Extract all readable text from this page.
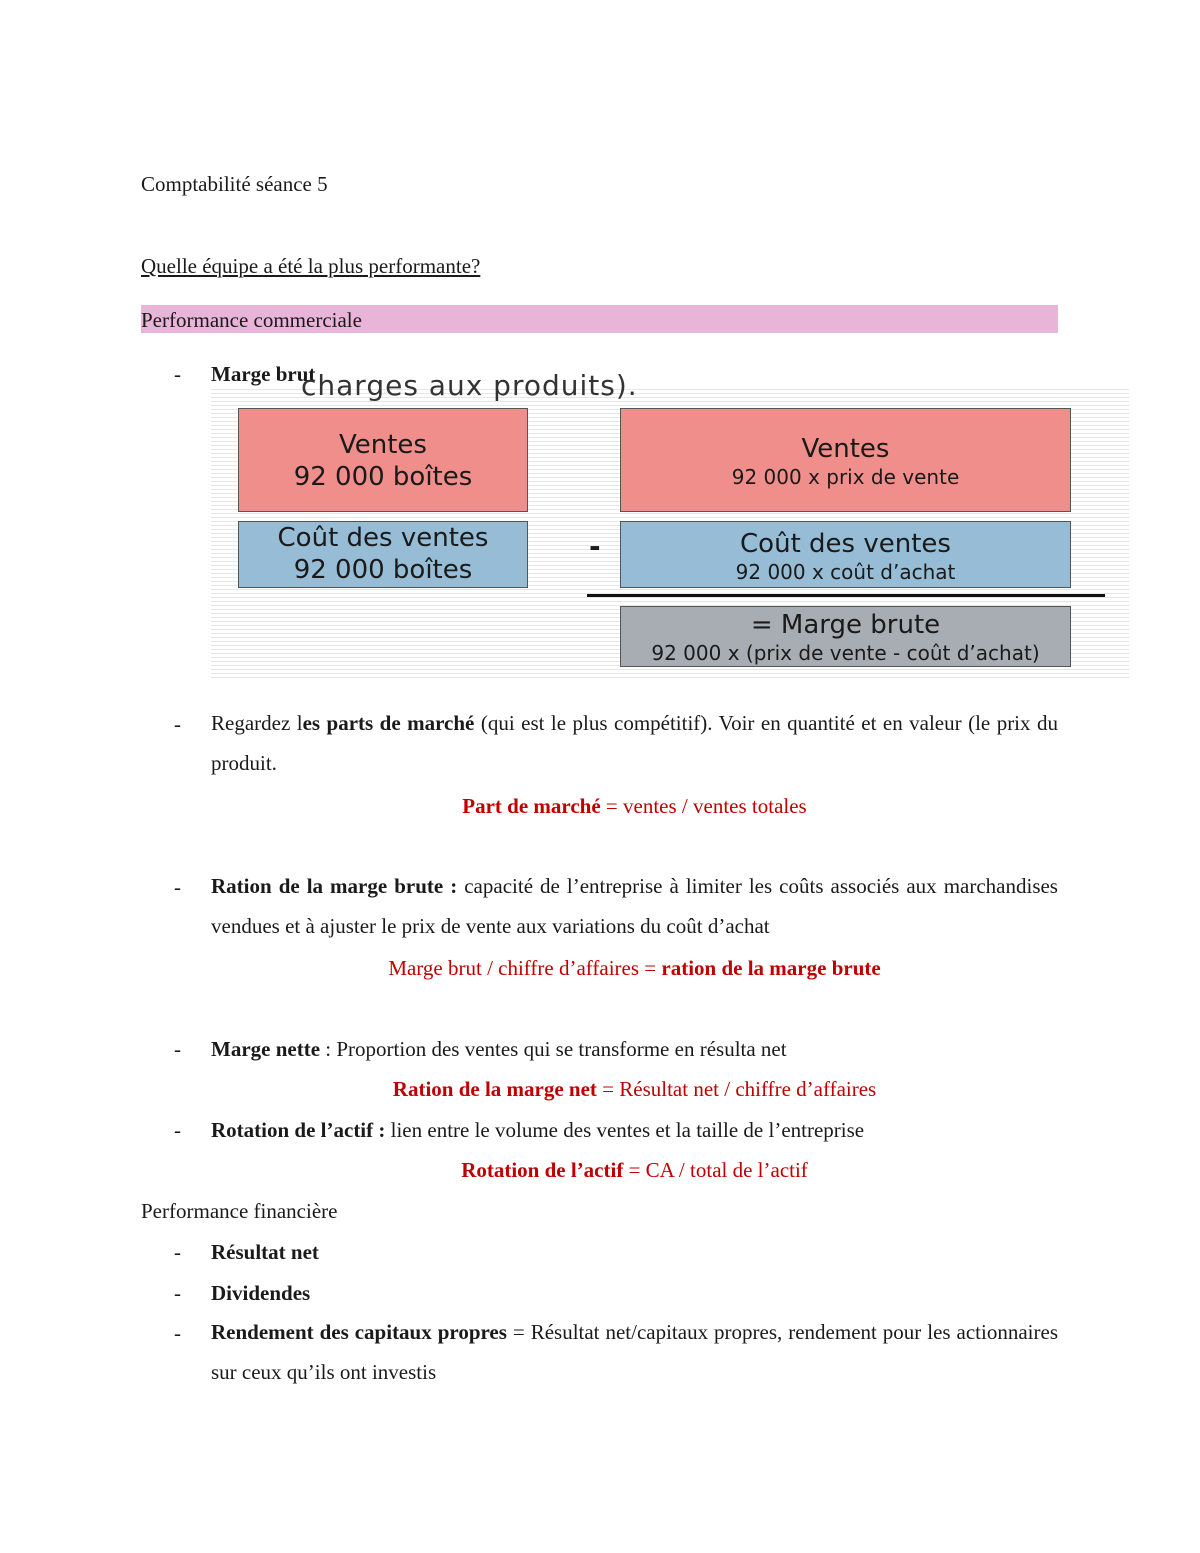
Comptabilité séance 5
Quelle équipe a été la plus performante?
Performance commerciale
- Marge brut
charges aux produits).
Ventes
92 000 boîtes
Coût des ventes
92 000 boîtes
Ventes
92 000 x prix de vente
-	Coût des ventes
92 000 x coût d’achat
= Marge brute
92 000 x (prix de vente - coût d’achat)
- Regardez les parts de marché (qui est le plus compétitif). Voir en quantité et en valeur (le prix du produit.
Part de marché = ventes / ventes totales
- Ration de la marge brute : capacité de l’entreprise à limiter les coûts associés aux marchandises vendues et à ajuster le prix de vente aux variations du coût d’achat
Marge brut / chiffre d’affaires = ration de la marge brute
- Marge nette : Proportion des ventes qui se transforme en résulta net
Ration de la marge net = Résultat net / chiffre d’affaires
- Rotation de l’actif : lien entre le volume des ventes et la taille de l’entreprise
Rotation de l’actif = CA / total de l’actif
Performance financière
- Résultat net
- Dividendes
- Rendement des capitaux propres = Résultat net/capitaux propres, rendement pour les actionnaires sur ceux qu’ils ont investis
